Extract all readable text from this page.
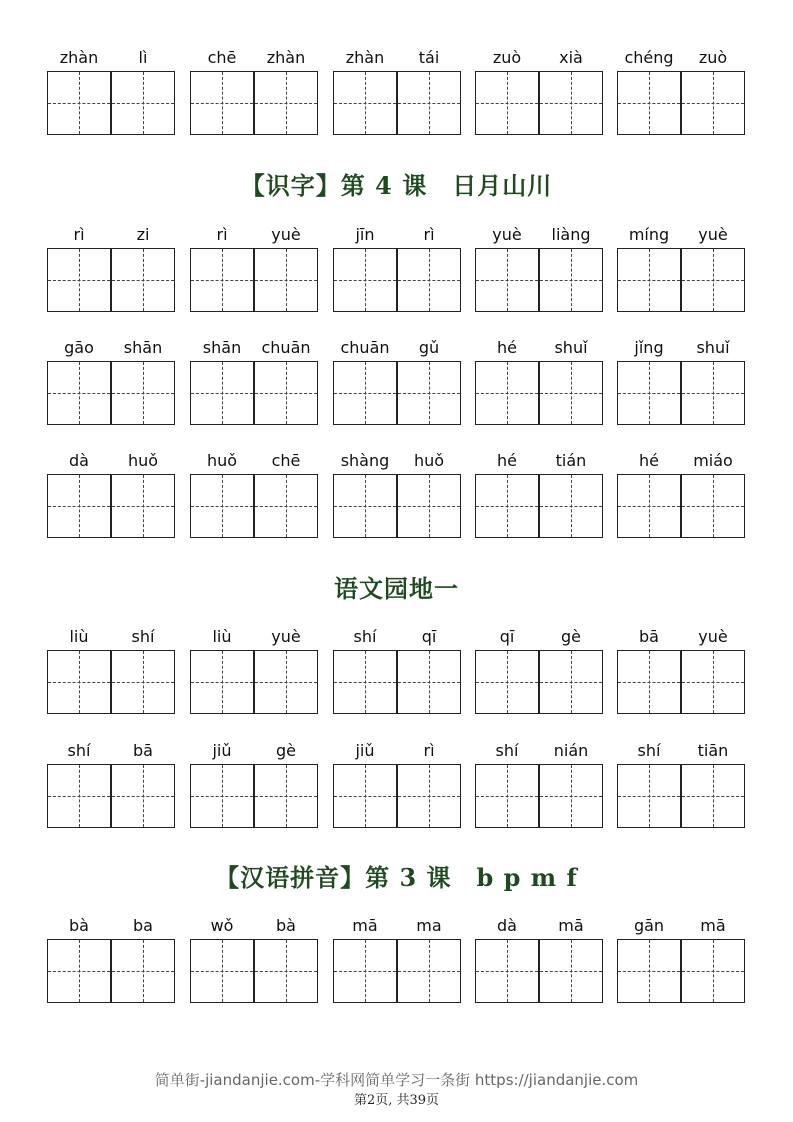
zhàn	lì	chē	zhàn	zhàn	tái	zuò	xià	chéng	zuò
【识字】第 4 课　日月山川
rì	zi	rì	yuè	jīn	rì	yuè	liàng	míng	yuè
gāo	shān	shān	chuān	chuān	gǔ	hé	shuǐ	jǐng	shuǐ
dà	huǒ	huǒ	chē	shàng	huǒ	hé	tián	hé	miáo
语文园地一
liù	shí	liù	yuè	shí	qī	qī	gè	bā	yuè
shí	bā	jiǔ	gè	jiǔ	rì	shí	nián	shí	tiān
【汉语拼音】第 3 课　b p m f
bà	ba	wǒ	bà	mā	ma	dà	mā	gān	mā
简单街-jiandanjie.com-学科网简单学习一条街 https://jiandanjie.com
第2页, 共39页
